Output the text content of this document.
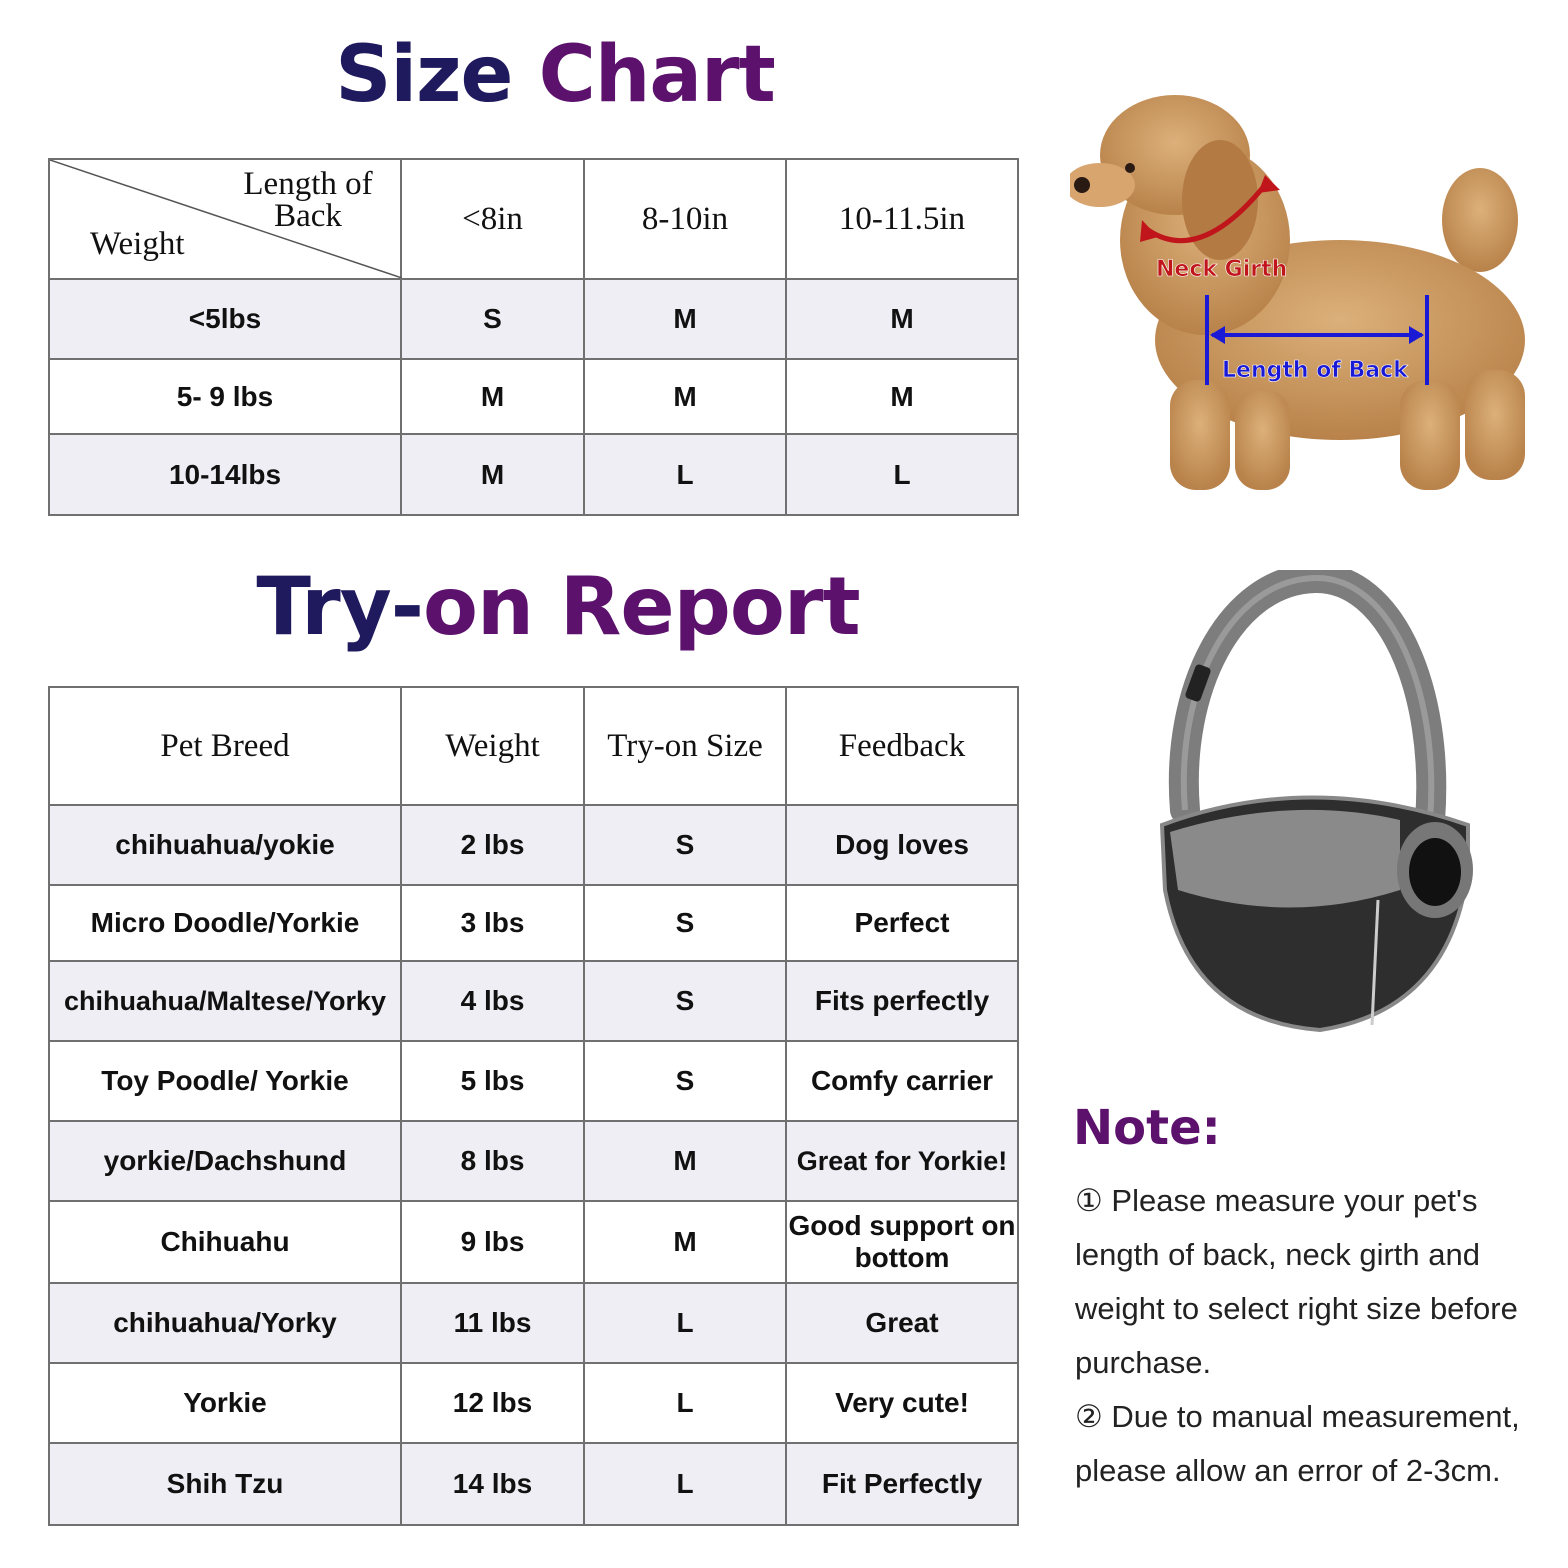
Size Chart
Length of Back
Weight	<8in	8-10in	10-11.5in
<5lbs	S	M	M
5- 9 lbs	M	M	M
10-14lbs	M	L	L
Neck Girth
Length of Back
Try-on Report
Pet Breed	Weight	Try-on Size	Feedback
chihuahua/yokie	2 lbs	S	Dog loves
Micro Doodle/Yorkie	3 lbs	S	Perfect
chihuahua/Maltese/Yorky	4 lbs	S	Fits perfectly
Toy Poodle/ Yorkie	5 lbs	S	Comfy carrier
yorkie/Dachshund	8 lbs	M	Great for Yorkie!
Chihuahu	9 lbs	M	Good support on bottom
chihuahua/Yorky	11 lbs	L	Great
Yorkie	12 lbs	L	Very cute!
Shih Tzu	14 lbs	L	Fit Perfectly
Note:
① Please measure your pet's length of back, neck girth and weight to select right size before purchase.
② Due to manual measurement, please allow an error of 2-3cm.
